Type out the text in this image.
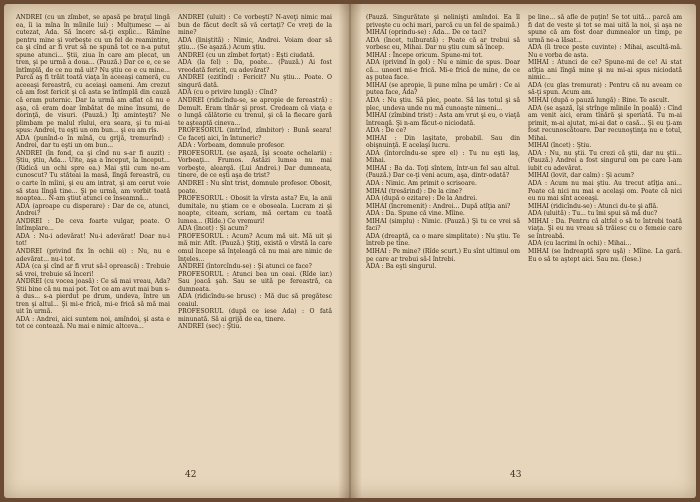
ANDREI (cu un zîmbet, se apasă pe braţul lingă ea, îi ia mîna în mîinile lui) : Mulţumesc — ai cutezat, Ada. Să încerc să-ţi explic... Rămîne pentru mine şi vorbeşte cu un fel de reamintire, ca şi cînd ar fi vrut să ne spună tot ce n-a putut spune atunci... Ştii, ziua în care am plecat, un tren, şi pe urmă a doua... (Pauză.) Dar ce e, ce se întîmplă, de ce nu mă uit? Nu ştiu ce e cu mine... Parcă aş fi trăit toată viaţa în aceeaşi cameră, cu aceeaşi fereastră, cu aceiaşi oameni. Am crezut că am fost fericit şi că asta se întîmplă din cauză că eram puternic. Dar la urmă am aflat că nu e aşa, că eram doar îmbătat de mine însumi, de dorinţă, de visuri. (Pauză.) Îţi aminteşti? Ne plimbam pe malul rîului, era seara, şi tu mi-ai spus: Andrei, tu eşti un om bun... şi eu am rîs.
ADA (punînd-o în mînă, cu grijă, tremurînd) : Andrei, dar tu eşti un om bun...
ANDREI (în fond, ca şi cînd nu s-ar fi auzit) : Ştiu, ştiu, Ada... Uite, aşa a început, la început... (Ridică un ochi spre ea.) Mai ştii cum ne-am cunoscut? Tu stăteai la masă, lîngă fereastră, cu o carte în mîini, şi eu am intrat, şi am cerut voie să stau lîngă tine... Şi pe urmă, am vorbit toată noaptea... N-am ştiut atunci ce înseamnă...
ADA (aproape cu disperare) : Dar de ce, atunci, Andrei?
ANDREI : De ceva foarte vulgar, poate. O întîmplare...
ADA : Nu-i adevărat! Nu-i adevărat! Doar nu-i tot!
ANDREI (privind fix în ochii ei) : Nu, nu e adevărat... nu-i tot.
ADA (ca şi cînd ar fi vrut să-l oprească) : Trebuie să vrei, trebuie să înceri!
ANDREI (cu vocea joasă) : Ce să mai vreau, Ada? Ştii bine că nu mai pot. Tot ce am avut mai bun s-a dus... s-a pierdut pe drum, undeva, între un tren şi altul... Şi mi-e frică, mi-e frică să mă mai uit în urmă.
ADA : Andrei, aici suntem noi, amîndoi, şi asta e tot ce contează. Nu mai e nimic altceva...

ANDREI (uluit) : Ce vorbeşti? N-aveţi nimic mai bun de făcut decît să vă certaţi? Ce vreţi de la mine?
ADA (liniştită) : Nimic, Andrei. Voiam doar să ştiu... (Se aşază.) Acum ştiu.
ANDREI (cu un zîmbet forţat) : Eşti ciudată.
ADA (la fel) : Da, poate... (Pauză.) Ai fost vreodată fericit, cu adevărat?
ANDREI (ezitînd) : Fericit? Nu ştiu... Poate. O singură dată.
ADA (cu o privire lungă) : Cînd?
ANDREI (ridicîndu-se, se apropie de fereastră) : Demult. Eram tînăr şi prost. Credeam că viaţa e o lungă călătorie cu trenul, şi că la fiecare gară te aşteaptă cineva...
PROFESORUL (intrînd, zîmbitor) : Bună seara! Ce faceţi aici, în întuneric?
ADA : Vorbeam, domnule profesor.
PROFESORUL (se aşază, îşi scoate ochelarii) : Vorbeaţi... Frumos. Astăzi lumea nu mai vorbeşte, aleargă. (Lui Andrei.) Dar dumneata, tinere, de ce eşti aşa de trist?
ANDREI : Nu sînt trist, domnule profesor. Obosit, poate.
PROFESORUL : Obosit la vîrsta asta? Eu, la anii dumitale, nu ştiam ce e oboseala. Lucram zi şi noapte, citeam, scriam, mă certam cu toată lumea... (Rîde.) Ce vremuri!
ADA (încet) : Şi acum?
PROFESORUL : Acum? Acum mă uit. Mă uit şi mă mir. Atît. (Pauză.) Ştiţi, există o vîrstă la care omul începe să înţeleagă că nu mai are nimic de înţeles...
ANDREI (întorcîndu-se) : Şi atunci ce face?
PROFESORUL : Atunci bea un ceai. (Rîde iar.) Sau joacă şah. Sau se uită pe fereastră, ca dumneata.
ADA (ridicîndu-se brusc) : Mă duc să pregătesc ceaiul.
PROFESORUL (după ce iese Ada) : O fată minunată. Să ai grijă de ea, tinere.
ANDREI (sec) : Ştiu.

42

(Pauză. Singurătate şi nelinişti amîndoi. Ea îl priveşte cu ochi mari, parcă cu un fel de spaimă.)
MIHAI (oprindu-se) : Ada... De ce taci?
ADA (încet, tulburată) : Poate că ar trebui să vorbesc eu, Mihai. Dar nu ştiu cum să încep.
MIHAI : Începe oricum. Spune-mi tot.
ADA (privind în gol) : Nu e nimic de spus. Doar că... uneori mi-e frică. Mi-e frică de mine, de ce aş putea face.
MIHAI (se apropie, îi pune mîna pe umăr) : Ce ai putea face, Ada?
ADA : Nu ştiu. Să plec, poate. Să las totul şi să plec, undeva unde nu mă cunoaşte nimeni...
MIHAI (zîmbind trist) : Asta am vrut şi eu, o viaţă întreagă. Şi n-am făcut-o niciodată.
ADA : De ce?
MIHAI : Din laşitate, probabil. Sau din obişnuinţă. E acelaşi lucru.
ADA (întorcîndu-se spre el) : Tu nu eşti laş, Mihai.
MIHAI : Ba da. Toţi sîntem, într-un fel sau altul. (Pauză.) Dar ce-ţi veni acum, aşa, dintr-odată?
ADA : Nimic. Am primit o scrisoare.
MIHAI (tresărind) : De la cine?
ADA (după o ezitare) : De la Andrei.
MIHAI (încremenit) : Andrei... După atîţia ani?
ADA : Da. Spune că vine. Mîine.
MIHAI (simplu) : Nimic. (Pauză.) Şi tu ce vrei să faci?
ADA (dreaptă, ca o mare simplitate) : Nu ştiu. Te întreb pe tine.
MIHAI : Pe mine? (Rîde scurt.) Eu sînt ultimul om pe care ar trebui să-l întrebi.
ADA : Ba eşti singurul.

pe line... să afle de puţin! Se tot uită... parcă am fi dat de veste şi tot se mai uită la noi, şi aşa ne spune că am fost doar dumnealor un timp, pe urmă ne-a lăsat...
ADA (îi trece peste cuvinte) : Mihai, ascultă-mă. Nu e vorba de asta.
MIHAI : Atunci de ce? Spune-mi de ce! Ai stat atîţia ani lîngă mine şi nu mi-ai spus niciodată nimic...
ADA (cu glas tremurat) : Pentru că nu aveam ce să-ţi spun. Acum am.
MIHAI (după o pauză lungă) : Bine. Te ascult.
ADA (se aşază, îşi strînge mîinile în poală) : Cînd am venit aici, eram tînără şi speriată. Tu m-ai primit, m-ai ajutat, mi-ai dat o casă... Şi eu ţi-am fost recunoscătoare. Dar recunoştinţa nu e totul, Mihai.
MIHAI (încet) : Ştiu.
ADA : Nu, nu ştii. Tu crezi că ştii, dar nu ştii... (Pauză.) Andrei a fost singurul om pe care l-am iubit cu adevărat.
MIHAI (lovit, dar calm) : Şi acum?
ADA : Acum nu mai ştiu. Au trecut atîţia ani... Poate că nici nu mai e acelaşi om. Poate că nici eu nu mai sînt aceeaşi.
MIHAI (ridicîndu-se) : Atunci du-te şi află.
ADA (uluită) : Tu... tu îmi spui să mă duc?
MIHAI : Da. Pentru că altfel o să te întrebi toată viaţa. Şi eu nu vreau să trăiesc cu o femeie care se întreabă.
ADA (cu lacrimi în ochi) : Mihai...
MIHAI (se îndreaptă spre uşă) : Mîine. La gară. Eu o să te aştept aici. Sau nu. (Iese.)

43
